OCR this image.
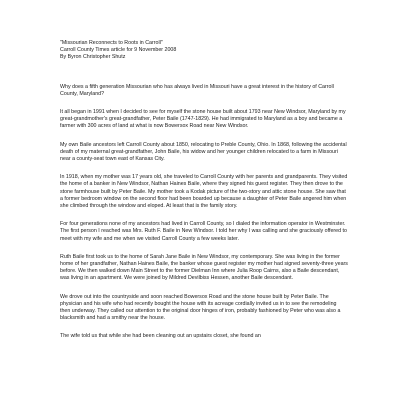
"Missourian Reconnects to Roots in Carroll"
Carroll County Times article for 9 November 2008
By Byron Christopher Shutz

Why does a fifth generation Missourian who has always lived in Missouri have a great interest in the history of Carroll County, Maryland?

It all began in 1991 when I decided to see for myself the stone house built about 1793 near New Windsor, Maryland by my great-grandmother's great-grandfather, Peter Baile (1747-1829). He had immigrated to Maryland as a boy and became a farmer with 300 acres of land at what is now Bowersox Road near New Windsor.

My own Baile ancestors left Carroll County about 1850, relocating to Preble County, Ohio. In 1868, following the accidental death of my maternal great-grandfather, John Baile, his widow and her younger children relocated to a farm in Missouri near a county-seat town east of Kansas City.

In 1918, when my mother was 17 years old, she traveled to Carroll County with her parents and grandparents. They visited the home of a banker in New Windsor, Nathan Haines Baile, where they signed his guest register. They then drove to the stone farmhouse built by Peter Baile. My mother took a Kodak picture of the two-story and attic stone house. She saw that a former bedroom window on the second floor had been boarded up because a daughter of Peter Baile angered him when she climbed through the window and eloped. At least that is the family story.

For four generations none of my ancestors had lived in Carroll County, so I dialed the information operator in Westminster. The first person I reached was Mrs. Ruth F. Baile in New Windsor. I told her why I was calling and she graciously offered to meet with my wife and me when we visited Carroll County a few weeks later.

Ruth Baile first took us to the home of Sarah Jane Baile in New Windsor, my contemporary. She was living in the former home of her grandfather, Nathan Haines Baile, the banker whose guest register my mother had signed seventy-three years before. We then walked down Main Street to the former Dielman Inn where Julia Roop Cairns, also a Baile descendant, was living in an apartment. We were joined by Mildred Devilbiss Hessen, another Baile descendant.

We drove out into the countryside and soon reached Bowersox Road and the stone house built by Peter Baile. The physician and his wife who had recently bought the house with its acreage cordially invited us in to see the remodeling then underway. They called our attention to the original door hinges of iron, probably fashioned by Peter who was also a blacksmith and had a smithy near the house.

The wife told us that while she had been cleaning out an upstairs closet, she found an
